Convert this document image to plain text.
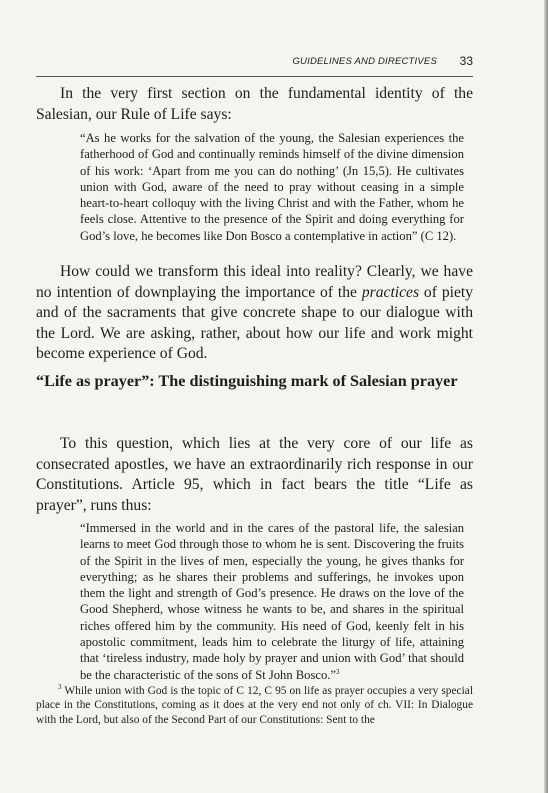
GUIDELINES AND DIRECTIVES 33

In the very first section on the fundamental identity of the Salesian, our Rule of Life says:

“As he works for the salvation of the young, the Salesian experiences the fatherhood of God and continually reminds himself of the divine dimension of his work: ‘Apart from me you can do nothing’ (Jn 15,5). He cultivates union with God, aware of the need to pray without ceasing in a simple heart-to-heart colloquy with the living Christ and with the Father, whom he feels close. Attentive to the presence of the Spirit and doing everything for God’s love, he becomes like Don Bosco a contemplative in action” (C 12).

How could we transform this ideal into reality? Clearly, we have no intention of downplaying the importance of the practices of piety and of the sacraments that give concrete shape to our dialogue with the Lord. We are asking, rather, about how our life and work might become experience of God.

“Life as prayer”: The distinguishing mark of Salesian prayer

To this question, which lies at the very core of our life as consecrated apostles, we have an extraordinarily rich response in our Constitutions. Article 95, which in fact bears the title “Life as prayer”, runs thus:

“Immersed in the world and in the cares of the pastoral life, the salesian learns to meet God through those to whom he is sent. Discovering the fruits of the Spirit in the lives of men, especially the young, he gives thanks for everything; as he shares their problems and sufferings, he invokes upon them the light and strength of God’s presence. He draws on the love of the Good Shepherd, whose witness he wants to be, and shares in the spiritual riches offered him by the community. His need of God, keenly felt in his apostolic commitment, leads him to celebrate the liturgy of life, attaining that ‘tireless industry, made holy by prayer and union with God’ that should be the characteristic of the sons of St John Bosco.”$^3$

$^3$ While union with God is the topic of C 12, C 95 on life as prayer occupies a very special place in the Constitutions, coming as it does at the very end not only of ch. VII: In Dialogue with the Lord, but also of the Second Part of our Constitutions: Sent to the
